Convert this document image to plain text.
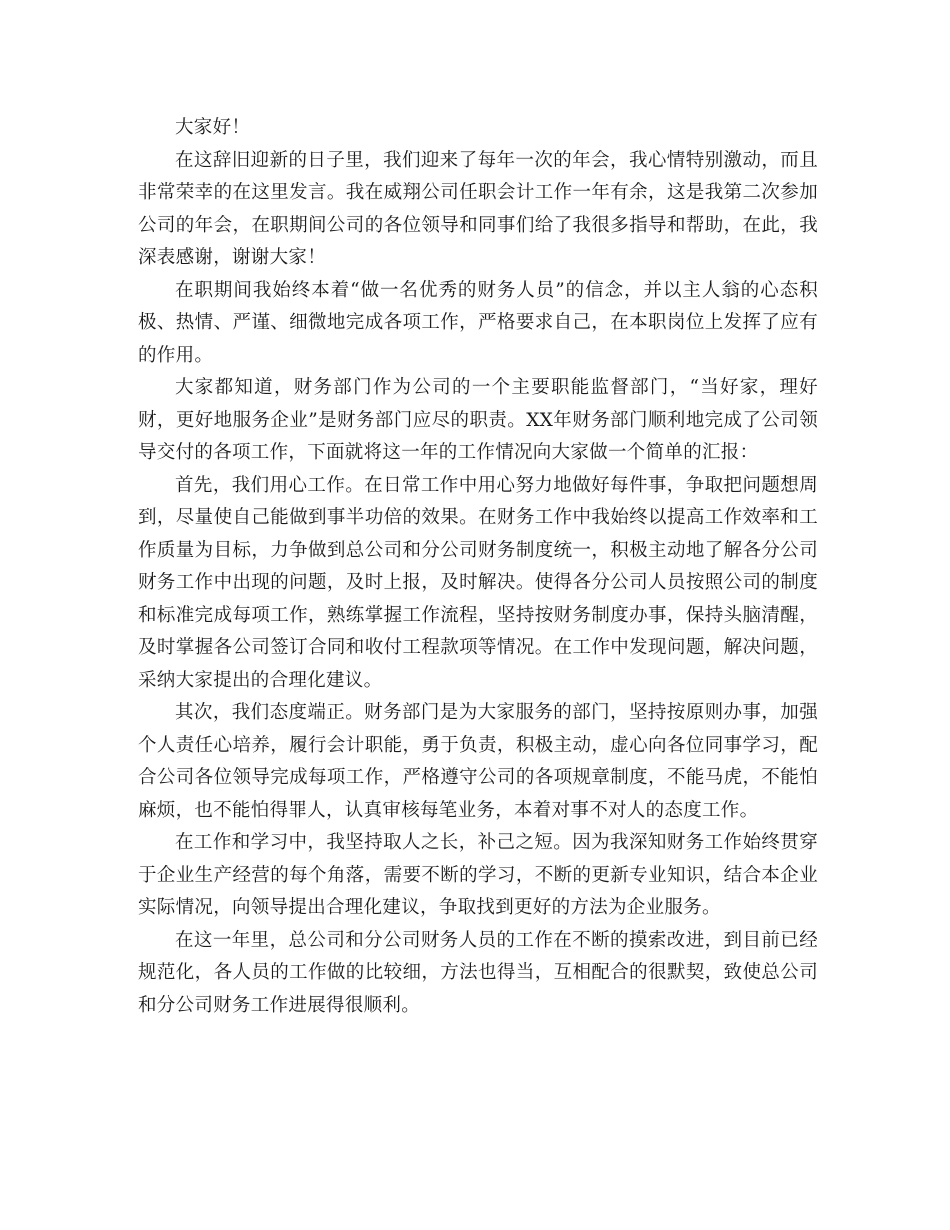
大家好！

在这辞旧迎新的日子里，我们迎来了每年一次的年会，我心情特别激动，而且非常荣幸的在这里发言。我在威翔公司任职会计工作一年有余，这是我第二次参加公司的年会，在职期间公司的各位领导和同事们给了我很多指导和帮助，在此，我深表感谢，谢谢大家！

在职期间我始终本着“做一名优秀的财务人员”的信念，并以主人翁的心态积极、热情、严谨、细微地完成各项工作，严格要求自己，在本职岗位上发挥了应有的作用。

大家都知道，财务部门作为公司的一个主要职能监督部门，“当好家，理好财，更好地服务企业”是财务部门应尽的职责。XX年财务部门顺利地完成了公司领导交付的各项工作，下面就将这一年的工作情况向大家做一个简单的汇报：

首先，我们用心工作。在日常工作中用心努力地做好每件事，争取把问题想周到，尽量使自己能做到事半功倍的效果。在财务工作中我始终以提高工作效率和工作质量为目标，力争做到总公司和分公司财务制度统一，积极主动地了解各分公司财务工作中出现的问题，及时上报，及时解决。使得各分公司人员按照公司的制度和标准完成每项工作，熟练掌握工作流程，坚持按财务制度办事，保持头脑清醒，及时掌握各公司签订合同和收付工程款项等情况。在工作中发现问题，解决问题，采纳大家提出的合理化建议。

其次，我们态度端正。财务部门是为大家服务的部门，坚持按原则办事，加强个人责任心培养，履行会计职能，勇于负责，积极主动，虚心向各位同事学习，配合公司各位领导完成每项工作，严格遵守公司的各项规章制度，不能马虎，不能怕麻烦，也不能怕得罪人，认真审核每笔业务，本着对事不对人的态度工作。

在工作和学习中，我坚持取人之长，补己之短。因为我深知财务工作始终贯穿于企业生产经营的每个角落，需要不断的学习，不断的更新专业知识，结合本企业实际情况，向领导提出合理化建议，争取找到更好的方法为企业服务。

在这一年里，总公司和分公司财务人员的工作在不断的摸索改进，到目前已经规范化，各人员的工作做的比较细，方法也得当，互相配合的很默契，致使总公司和分公司财务工作进展得很顺利。
